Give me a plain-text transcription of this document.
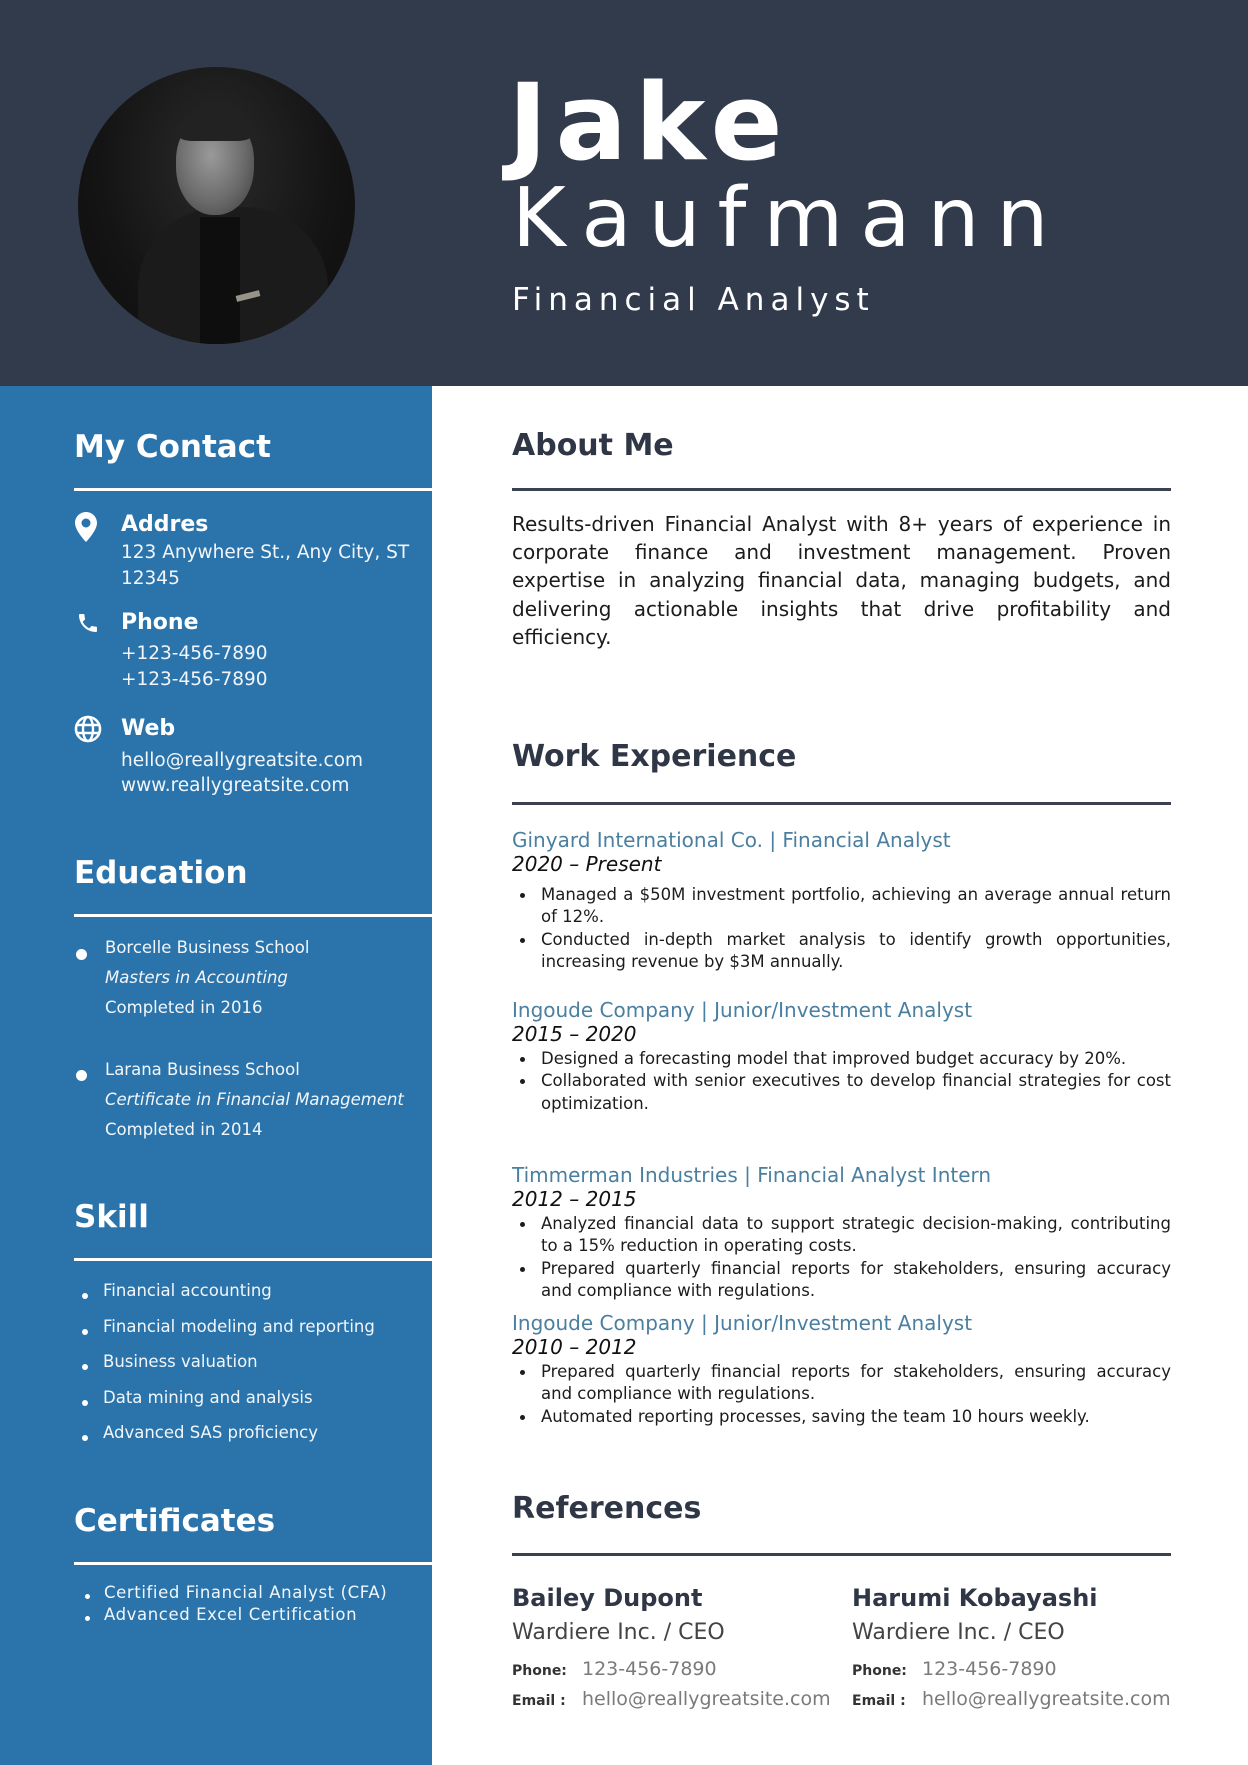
Jake
Kaufmann
Financial Analyst
My Contact
Addres
123 Anywhere St., Any City, ST
12345
Phone
+123-456-7890
+123-456-7890
Web
hello@reallygreatsite.com
www.reallygreatsite.com
Education
Borcelle Business School
Masters in Accounting
Completed in 2016
Larana Business School
Certificate in Financial Management
Completed in 2014
Skill
Financial accounting
Financial modeling and reporting
Business valuation
Data mining and analysis
Advanced SAS proficiency
Certificates
Certified Financial Analyst (CFA)
Advanced Excel Certification
About Me

Results-driven Financial Analyst with 8+ years of experience in corporate finance and investment management. Proven expertise in analyzing financial data, managing budgets, and delivering actionable insights that drive profitability and efficiency.

Work Experience
Ginyard International Co. | Financial Analyst
2020 – Present
Managed a $50M investment portfolio, achieving an average annual return of 12%.
Conducted in-depth market analysis to identify growth opportunities, increasing revenue by $3M annually.
Ingoude Company | Junior/Investment Analyst
2015 – 2020
Designed a forecasting model that improved budget accuracy by 20%.
Collaborated with senior executives to develop financial strategies for cost optimization.
Timmerman Industries | Financial Analyst Intern
2012 – 2015
Analyzed financial data to support strategic decision-making, contributing to a 15% reduction in operating costs.
Prepared quarterly financial reports for stakeholders, ensuring accuracy and compliance with regulations.
Ingoude Company | Junior/Investment Analyst
2010 – 2012
Prepared quarterly financial reports for stakeholders, ensuring accuracy and compliance with regulations.
Automated reporting processes, saving the team 10 hours weekly.
References
Bailey Dupont
Wardiere Inc. / CEO
Phone: 123-456-7890
Email : hello@reallygreatsite.com
Harumi Kobayashi
Wardiere Inc. / CEO
Phone: 123-456-7890
Email : hello@reallygreatsite.com
